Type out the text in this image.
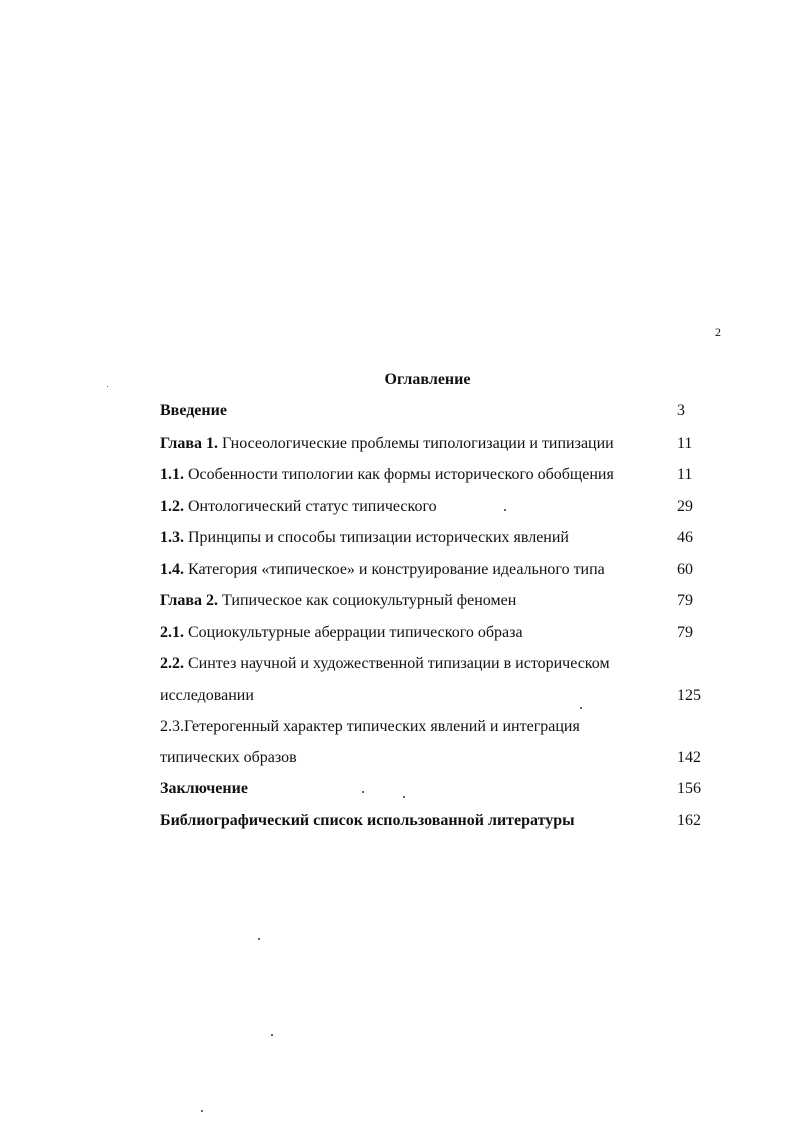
2
Оглавление
Введение	3
Глава 1. Гносеологические проблемы типологизации и типизации	11
1.1. Особенности типологии как формы исторического обобщения	11
1.2. Онтологический статус типического	29
1.3. Принципы и способы типизации исторических явлений	46
1.4. Категория «типическое» и конструирование идеального типа	60
Глава 2. Типическое как социокультурный феномен	79
2.1. Социокультурные аберрации типического образа	79
2.2. Синтез научной и художественной типизации в историческом
исследовании	125
2.3.Гетерогенный характер типических явлений и интеграция
типических образов	142
Заключение	156
Библиографический список использованной литературы	162
